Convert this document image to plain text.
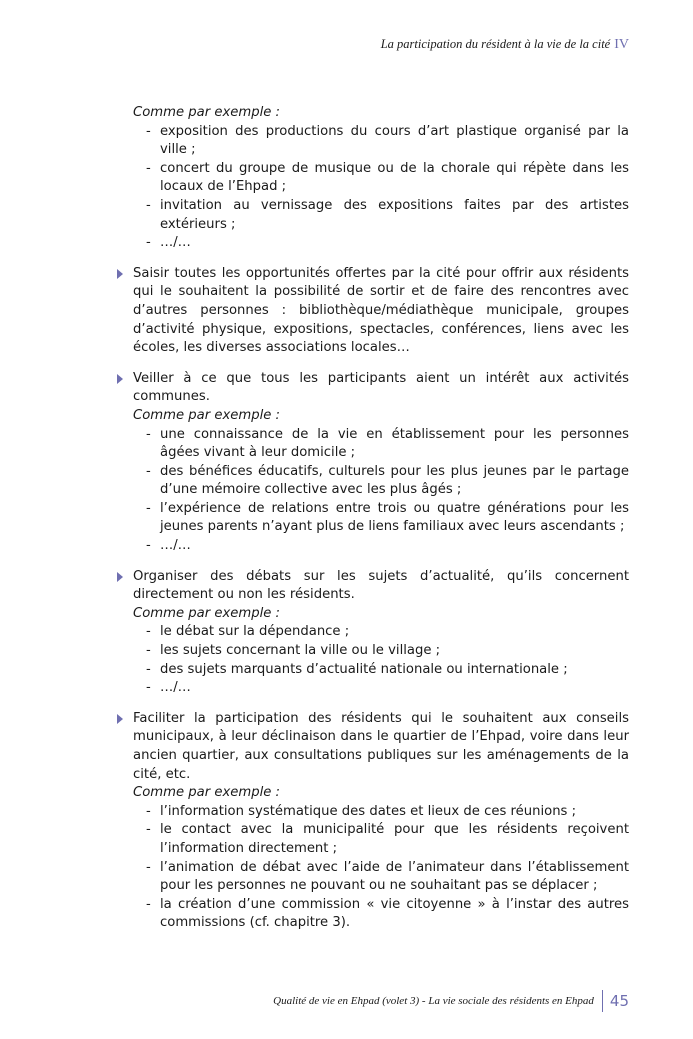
La participation du résident à la vie de la cité IV
Comme par exemple :
- exposition des productions du cours d’art plastique organisé par la ville ;
- concert du groupe de musique ou de la chorale qui répète dans les locaux de l’Ehpad ;
- invitation au vernissage des expositions faites par des artistes extérieurs ;
- …/…
Saisir toutes les opportunités offertes par la cité pour offrir aux résidents qui le souhaitent la possibilité de sortir et de faire des rencontres avec d’autres personnes : bibliothèque/médiathèque municipale, groupes d’activité physique, expositions, spectacles, conférences, liens avec les écoles, les diverses associations locales…
Veiller à ce que tous les participants aient un intérêt aux activités communes.
Comme par exemple :
- une connaissance de la vie en établissement pour les personnes âgées vivant à leur domicile ;
- des bénéfices éducatifs, culturels pour les plus jeunes par le partage d’une mémoire collective avec les plus âgés ;
- l’expérience de relations entre trois ou quatre générations pour les jeunes parents n’ayant plus de liens familiaux avec leurs ascendants ;
- …/…
Organiser des débats sur les sujets d’actualité, qu’ils concernent directement ou non les résidents.
Comme par exemple :
- le débat sur la dépendance ;
- les sujets concernant la ville ou le village ;
- des sujets marquants d’actualité nationale ou internationale ;
- …/…
Faciliter la participation des résidents qui le souhaitent aux conseils municipaux, à leur déclinaison dans le quartier de l’Ehpad, voire dans leur ancien quartier, aux consultations publiques sur les aménagements de la cité, etc.
Comme par exemple :
- l’information systématique des dates et lieux de ces réunions ;
- le contact avec la municipalité pour que les résidents reçoivent l’information directement ;
- l’animation de débat avec l’aide de l’animateur dans l’établissement pour les personnes ne pouvant ou ne souhaitant pas se déplacer ;
- la création d’une commission « vie citoyenne » à l’instar des autres commissions (cf. chapitre 3).
Qualité de vie en Ehpad (volet 3) - La vie sociale des résidents en Ehpad	45
